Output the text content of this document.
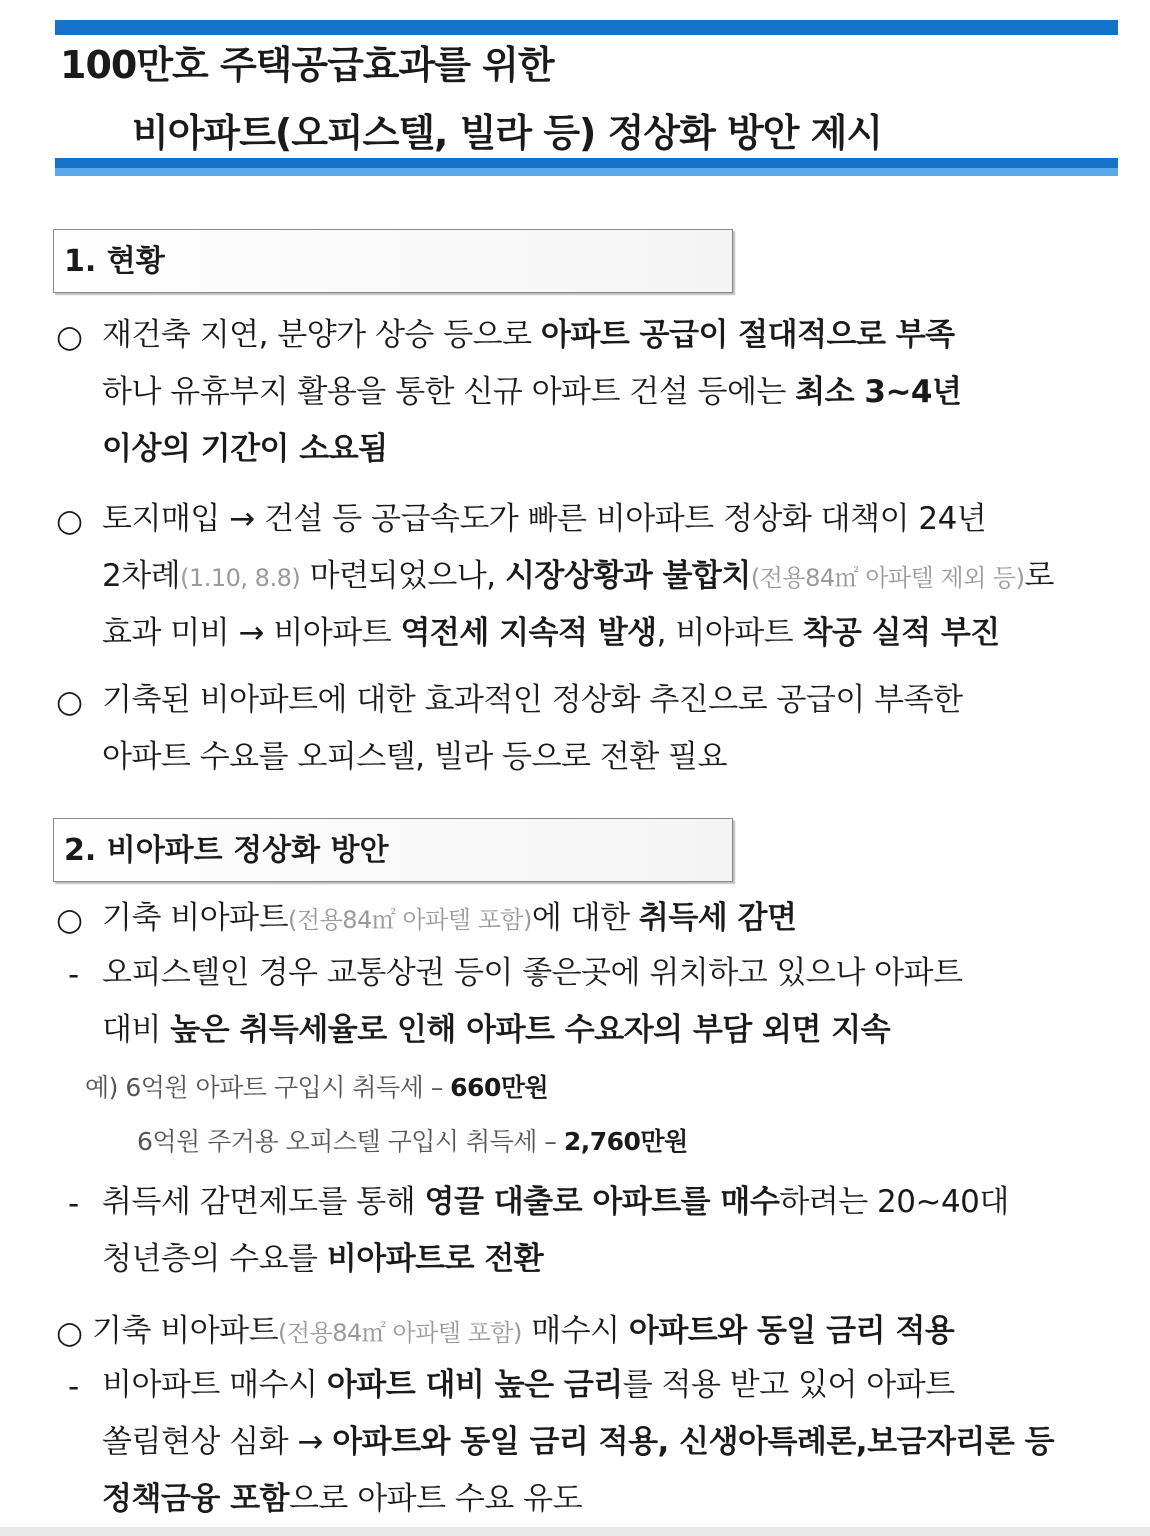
100만호 주택공급효과를 위한
비아파트(오피스텔, 빌라 등) 정상화 방안 제시
1. 현황
○ 재건축 지연, 분양가 상승 등으로 아파트 공급이 절대적으로 부족
하나 유휴부지 활용을 통한 신규 아파트 건설 등에는 최소 3~4년
이상의 기간이 소요됨
○ 토지매입 → 건설 등 공급속도가 빠른 비아파트 정상화 대책이 24년
2차례(1.10, 8.8) 마련되었으나, 시장상황과 불합치(전용84㎡ 아파텔 제외 등)로
효과 미비 → 비아파트 역전세 지속적 발생, 비아파트 착공 실적 부진
○ 기축된 비아파트에 대한 효과적인 정상화 추진으로 공급이 부족한
아파트 수요를 오피스텔, 빌라 등으로 전환 필요
2. 비아파트 정상화 방안
○ 기축 비아파트(전용84㎡ 아파텔 포함)에 대한 취득세 감면
- 오피스텔인 경우 교통상권 등이 좋은곳에 위치하고 있으나 아파트
대비 높은 취득세율로 인해 아파트 수요자의 부담 외면 지속
예) 6억원 아파트 구입시 취득세 – 660만원
6억원 주거용 오피스텔 구입시 취득세 – 2,760만원
- 취득세 감면제도를 통해 영끌 대출로 아파트를 매수하려는 20~40대
청년층의 수요를 비아파트로 전환
○ 기축 비아파트(전용84㎡ 아파텔 포함) 매수시 아파트와 동일 금리 적용
- 비아파트 매수시 아파트 대비 높은 금리를 적용 받고 있어 아파트
쏠림현상 심화 → 아파트와 동일 금리 적용, 신생아특례론,보금자리론 등
정책금융 포함으로 아파트 수요 유도
